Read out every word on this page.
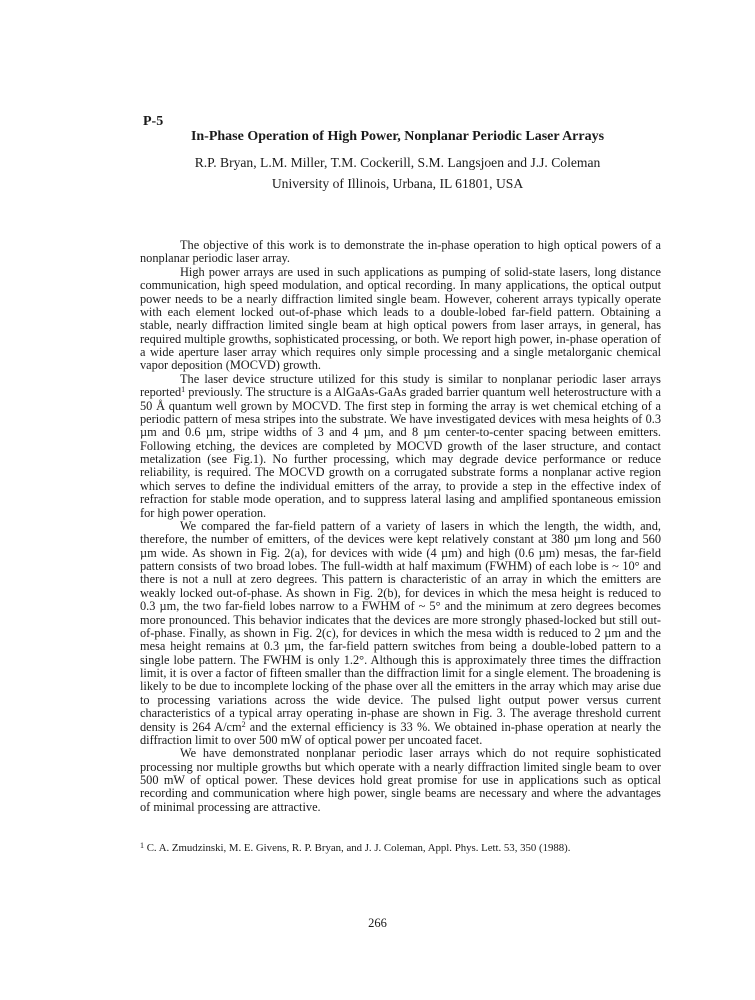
P-5
In-Phase Operation of High Power, Nonplanar Periodic Laser Arrays
R.P. Bryan, L.M. Miller, T.M. Cockerill, S.M. Langsjoen and J.J. Coleman
University of Illinois, Urbana, IL 61801, USA

The objective of this work is to demonstrate the in-phase operation to high optical powers of a nonplanar periodic laser array.

High power arrays are used in such applications as pumping of solid-state lasers, long distance communication, high speed modulation, and optical recording. In many applications, the optical output power needs to be a nearly diffraction limited single beam. However, coherent arrays typically operate with each element locked out-of-phase which leads to a double-lobed far-field pattern. Obtaining a stable, nearly diffraction limited single beam at high optical powers from laser arrays, in general, has required multiple growths, sophisticated processing, or both. We report high power, in-phase operation of a wide aperture laser array which requires only simple processing and a single metalorganic chemical vapor deposition (MOCVD) growth.

The laser device structure utilized for this study is similar to nonplanar periodic laser arrays reported$^1$ previously. The structure is a AlGaAs-GaAs graded barrier quantum well heterostructure with a 50 Å quantum well grown by MOCVD. The first step in forming the array is wet chemical etching of a periodic pattern of mesa stripes into the substrate. We have investigated devices with mesa heights of 0.3 µm and 0.6 µm, stripe widths of 3 and 4 µm, and 8 µm center-to-center spacing between emitters. Following etching, the devices are completed by MOCVD growth of the laser structure, and contact metalization (see Fig.1). No further processing, which may degrade device performance or reduce reliability, is required. The MOCVD growth on a corrugated substrate forms a nonplanar active region which serves to define the individual emitters of the array, to provide a step in the effective index of refraction for stable mode operation, and to suppress lateral lasing and amplified spontaneous emission for high power operation.

We compared the far-field pattern of a variety of lasers in which the length, the width, and, therefore, the number of emitters, of the devices were kept relatively constant at 380 µm long and 560 µm wide. As shown in Fig. 2(a), for devices with wide (4 µm) and high (0.6 µm) mesas, the far-field pattern consists of two broad lobes. The full-width at half maximum (FWHM) of each lobe is ~ 10° and there is not a null at zero degrees. This pattern is characteristic of an array in which the emitters are weakly locked out-of-phase. As shown in Fig. 2(b), for devices in which the mesa height is reduced to 0.3 µm, the two far-field lobes narrow to a FWHM of ~ 5° and the minimum at zero degrees becomes more pronounced. This behavior indicates that the devices are more strongly phased-locked but still out-of-phase. Finally, as shown in Fig. 2(c), for devices in which the mesa width is reduced to 2 µm and the mesa height remains at 0.3 µm, the far-field pattern switches from being a double-lobed pattern to a single lobe pattern. The FWHM is only 1.2°. Although this is approximately three times the diffraction limit, it is over a factor of fifteen smaller than the diffraction limit for a single element. The broadening is likely to be due to incomplete locking of the phase over all the emitters in the array which may arise due to processing variations across the wide device. The pulsed light output power versus current characteristics of a typical array operating in-phase are shown in Fig. 3. The average threshold current density is 264 A/cm$^2$ and the external efficiency is 33 %. We obtained in-phase operation at nearly the diffraction limit to over 500 mW of optical power per uncoated facet.

We have demonstrated nonplanar periodic laser arrays which do not require sophisticated processing nor multiple growths but which operate with a nearly diffraction limited single beam to over 500 mW of optical power. These devices hold great promise for use in applications such as optical recording and communication where high power, single beams are necessary and where the advantages of minimal processing are attractive.

$^1$ C. A. Zmudzinski, M. E. Givens, R. P. Bryan, and J. J. Coleman, Appl. Phys. Lett. 53, 350 (1988).
266
